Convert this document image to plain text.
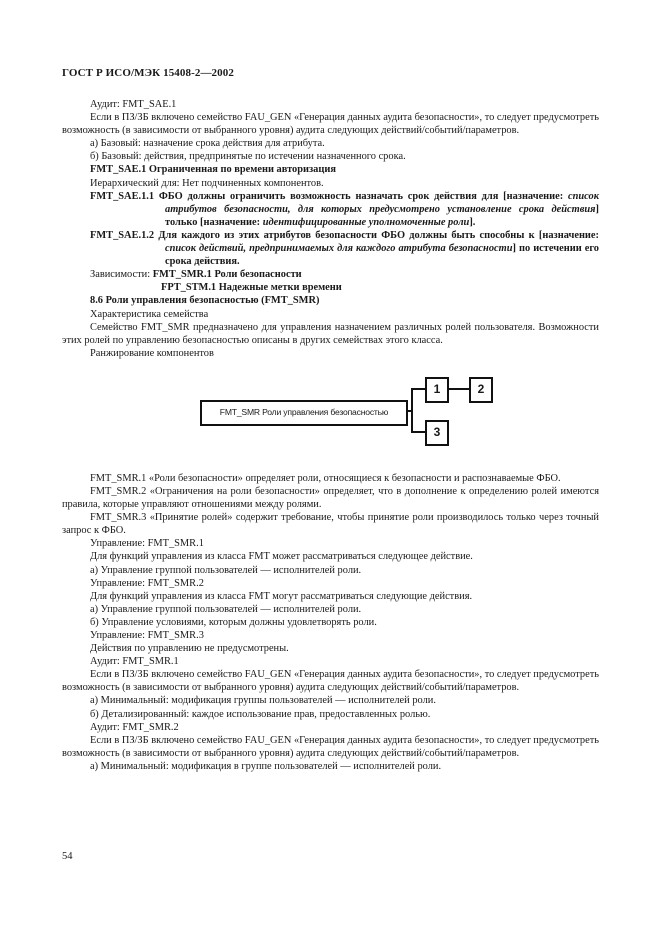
ГОСТ Р ИСО/МЭК 15408-2—2002

Аудит: FMT_SAE.1

Если в ПЗ/ЗБ включено семейство FAU_GEN «Генерация данных аудита безопасности», то следует предусмотреть возможность (в зависимости от выбранного уровня) аудита следующих действий/событий/параметров.

а) Базовый: назначение срока действия для атрибута.

б) Базовый: действия, предпринятые по истечении назначенного срока.

FMT_SAE.1 Ограниченная по времени авторизация

Иерархический для: Нет подчиненных компонентов.

FMT_SAE.1.1 ФБО должны ограничить возможность назначать срок действия для [назначение: список атрибутов безопасности, для которых предусмотрено установление срока действия] только [назначение: идентифицированные уполномоченные роли].

FMT_SAE.1.2 Для каждого из этих атрибутов безопасности ФБО должны быть способны к [назначение: список действий, предпринимаемых для каждого атрибута безопасности] по истечении его срока действия.

Зависимости: FMT_SMR.1 Роли безопасности

FPT_STM.1 Надежные метки времени

8.6 Роли управления безопасностью (FMT_SMR)

Характеристика семейства

Семейство FMT_SMR предназначено для управления назначением различных ролей пользователя. Возможности этих ролей по управлению безопасностью описаны в других семействах этого класса.

Ранжирование компонентов

FMT_SMR Роли управления безопасностью
1	2
3

FMT_SMR.1 «Роли безопасности» определяет роли, относящиеся к безопасности и распознаваемые ФБО.

FMT_SMR.2 «Ограничения на роли безопасности» определяет, что в дополнение к определению ролей имеются правила, которые управляют отношениями между ролями.

FMT_SMR.3 «Принятие ролей» содержит требование, чтобы принятие роли производилось только через точный запрос к ФБО.

Управление: FMT_SMR.1

Для функций управления из класса FMT может рассматриваться следующее действие.

а) Управление группой пользователей — исполнителей роли.

Управление: FMT_SMR.2

Для функций управления из класса FMT могут рассматриваться следующие действия.

а) Управление группой пользователей — исполнителей роли.

б) Управление условиями, которым должны удовлетворять роли.

Управление: FMT_SMR.3

Действия по управлению не предусмотрены.

Аудит: FMT_SMR.1

Если в ПЗ/ЗБ включено семейство FAU_GEN «Генерация данных аудита безопасности», то следует предусмотреть возможность (в зависимости от выбранного уровня) аудита следующих действий/событий/параметров.

а) Минимальный: модификация группы пользователей — исполнителей роли.

б) Детализированный: каждое использование прав, предоставленных ролью.

Аудит: FMT_SMR.2

Если в ПЗ/ЗБ включено семейство FAU_GEN «Генерация данных аудита безопасности», то следует предусмотреть возможность (в зависимости от выбранного уровня) аудита следующих действий/событий/параметров.

а) Минимальный: модификация в группе пользователей — исполнителей роли.

54
